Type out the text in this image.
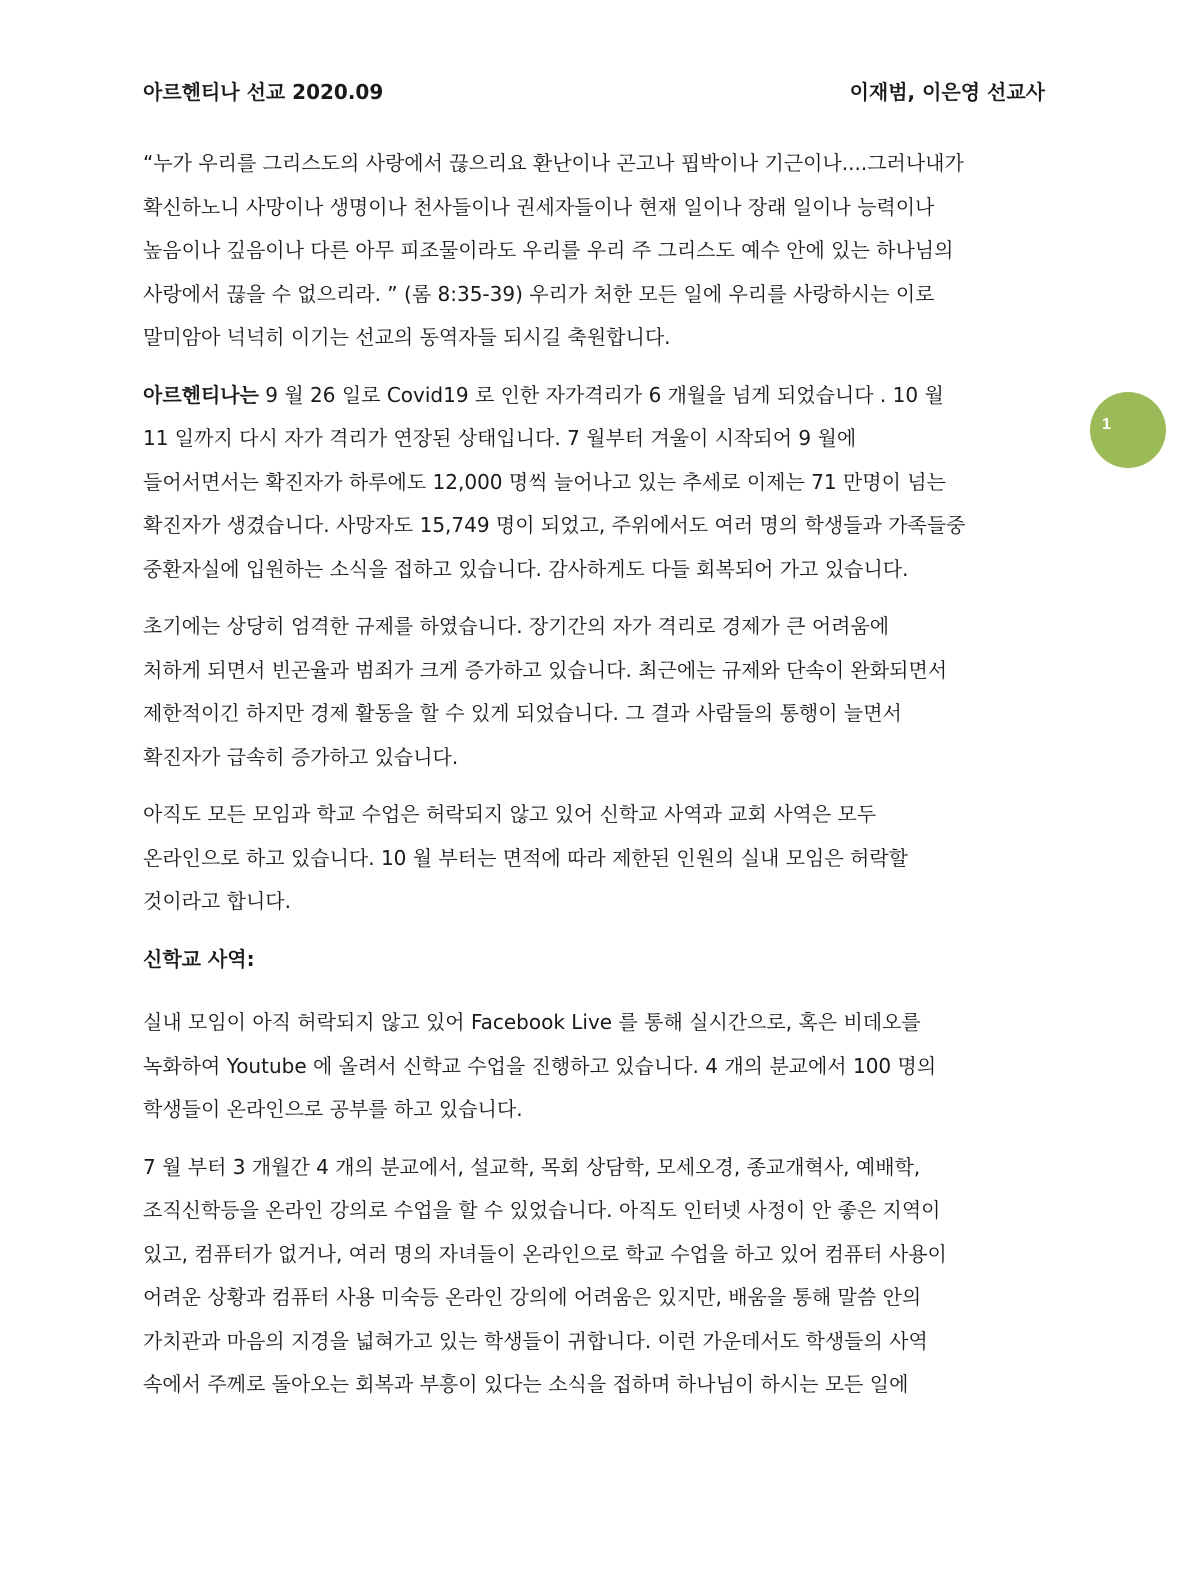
아르헨티나 선교 2020.09	이재범, 이은영 선교사
“누가 우리를 그리스도의 사랑에서 끊으리요 환난이나 곤고나 핍박이나 기근이나....그러나내가
확신하노니 사망이나 생명이나 천사들이나 권세자들이나 현재 일이나 장래 일이나 능력이나
높음이나 깊음이나 다른 아무 피조물이라도 우리를 우리 주 그리스도 예수 안에 있는 하나님의
사랑에서 끊을 수 없으리라. ” (롬 8:35-39) 우리가 처한 모든 일에 우리를 사랑하시는 이로
말미암아 넉넉히 이기는 선교의 동역자들 되시길 축원합니다.
아르헨티나는 9 월 26 일로 Covid19 로 인한 자가격리가 6 개월을 넘게 되었습니다 . 10 월
11 일까지 다시 자가 격리가 연장된 상태입니다. 7 월부터 겨울이 시작되어 9 월에
들어서면서는 확진자가 하루에도 12,000 명씩 늘어나고 있는 추세로 이제는 71 만명이 넘는
확진자가 생겼습니다. 사망자도 15,749 명이 되었고, 주위에서도 여러 명의 학생들과 가족들중
중환자실에 입원하는 소식을 접하고 있습니다. 감사하게도 다들 회복되어 가고 있습니다.
초기에는 상당히 엄격한 규제를 하였습니다. 장기간의 자가 격리로 경제가 큰 어려움에
처하게 되면서 빈곤율과 범죄가 크게 증가하고 있습니다. 최근에는 규제와 단속이 완화되면서
제한적이긴 하지만 경제 활동을 할 수 있게 되었습니다. 그 결과 사람들의 통행이 늘면서
확진자가 급속히 증가하고 있습니다.
아직도 모든 모임과 학교 수업은 허락되지 않고 있어 신학교 사역과 교회 사역은 모두
온라인으로 하고 있습니다. 10 월 부터는 면적에 따라 제한된 인원의 실내 모임은 허락할
것이라고 합니다.
신학교 사역:
실내 모임이 아직 허락되지 않고 있어 Facebook Live 를 통해 실시간으로, 혹은 비데오를
녹화하여 Youtube 에 올려서 신학교 수업을 진행하고 있습니다. 4 개의 분교에서 100 명의
학생들이 온라인으로 공부를 하고 있습니다.
7 월 부터 3 개월간 4 개의 분교에서, 설교학, 목회 상담학, 모세오경, 종교개혁사, 예배학,
조직신학등을 온라인 강의로 수업을 할 수 있었습니다. 아직도 인터넷 사정이 안 좋은 지역이
있고, 컴퓨터가 없거나, 여러 명의 자녀들이 온라인으로 학교 수업을 하고 있어 컴퓨터 사용이
어려운 상황과 컴퓨터 사용 미숙등 온라인 강의에 어려움은 있지만, 배움을 통해 말씀 안의
가치관과 마음의 지경을 넓혀가고 있는 학생들이 귀합니다. 이런 가운데서도 학생들의 사역
속에서 주께로 돌아오는 회복과 부흥이 있다는 소식을 접하며 하나님이 하시는 모든 일에
1
